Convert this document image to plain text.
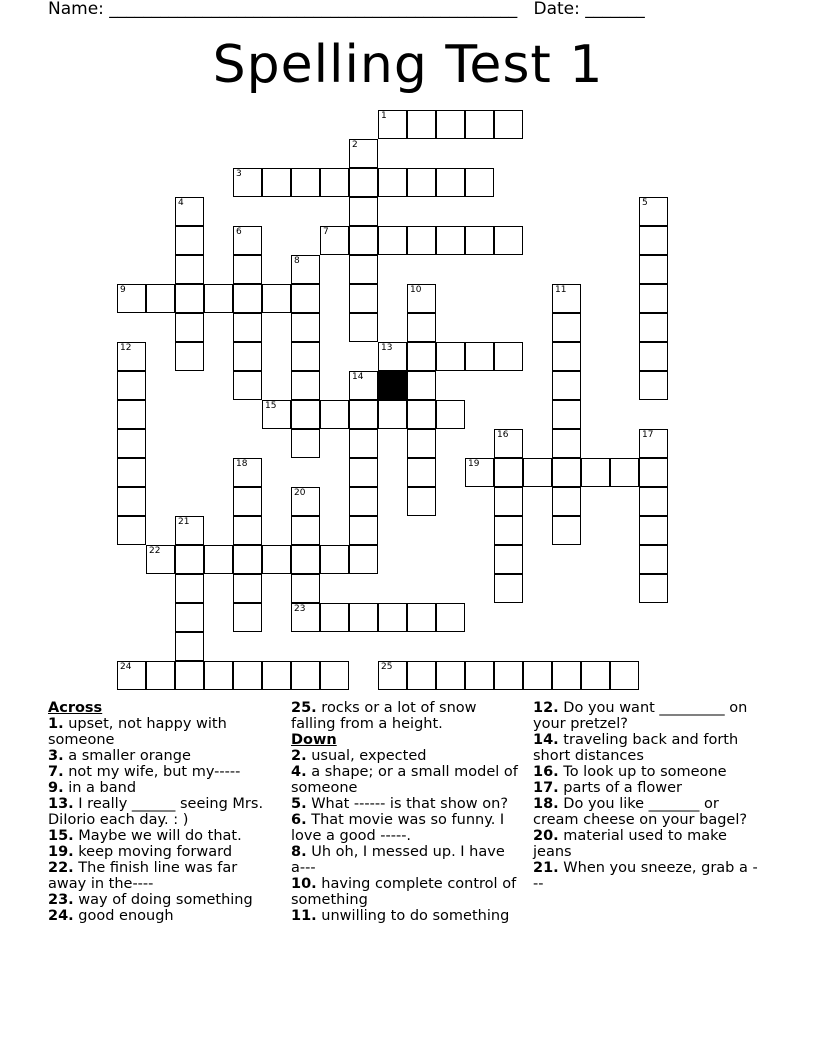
Name: ________________________________________________   Date: _______
Spelling Test 1
1
2
3
4	5
6	7
8
9	10	11
12	13
14
15
16	17
18	19
20
21
22
23
24	25
Across
1. upset, not happy with someone
3. a smaller orange
7. not my wife, but my-----
9. in a band
13. I really ______ seeing Mrs. DiIorio each day. : )
15. Maybe we will do that.
19. keep moving forward
22. The finish line was far away in the----
23. way of doing something
24. good enough
25. rocks or a lot of snow falling from a height.
Down
2. usual, expected
4. a shape; or a small model of someone
5. What ------ is that show on?
6. That movie was so funny. I love a good -----.
8. Uh oh, I messed up. I have a---
10. having complete control of something
11. unwilling to do something
12. Do you want _________ on your pretzel?
14. traveling back and forth short distances
16. To look up to someone
17. parts of a flower
18. Do you like _______ or cream cheese on your bagel?
20. material used to make jeans
21. When you sneeze, grab a ---
